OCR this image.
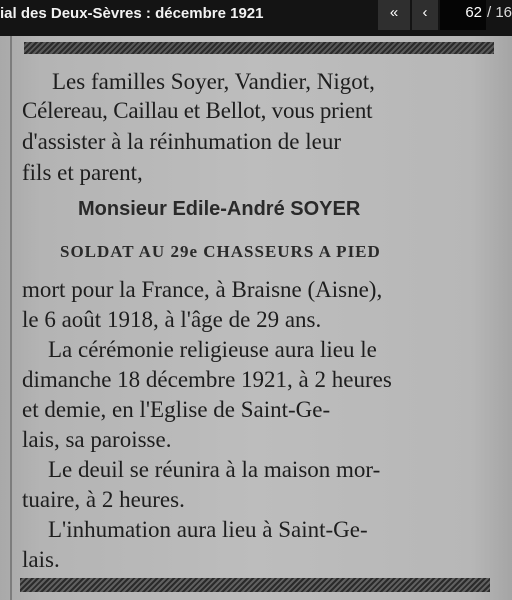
ial des Deux-Sèvres : décembre 1921	«	‹	62 / 16
Les familles Soyer, Vandier, Nigot,
Célereau, Caillau et Bellot, vous prient
d'assister à la réinhumation de leur
fils et parent,
Monsieur Edile-André SOYER
SOLDAT AU 29e CHASSEURS A PIED
mort pour la France, à Braisne (Aisne),
le 6 août 1918, à l'âge de 29 ans.
La cérémonie religieuse aura lieu le
dimanche 18 décembre 1921, à 2 heures
et demie, en l'Eglise de Saint-Ge-
lais, sa paroisse.
Le deuil se réunira à la maison mor-
tuaire, à 2 heures.
L'inhumation aura lieu à Saint-Ge-
lais.
